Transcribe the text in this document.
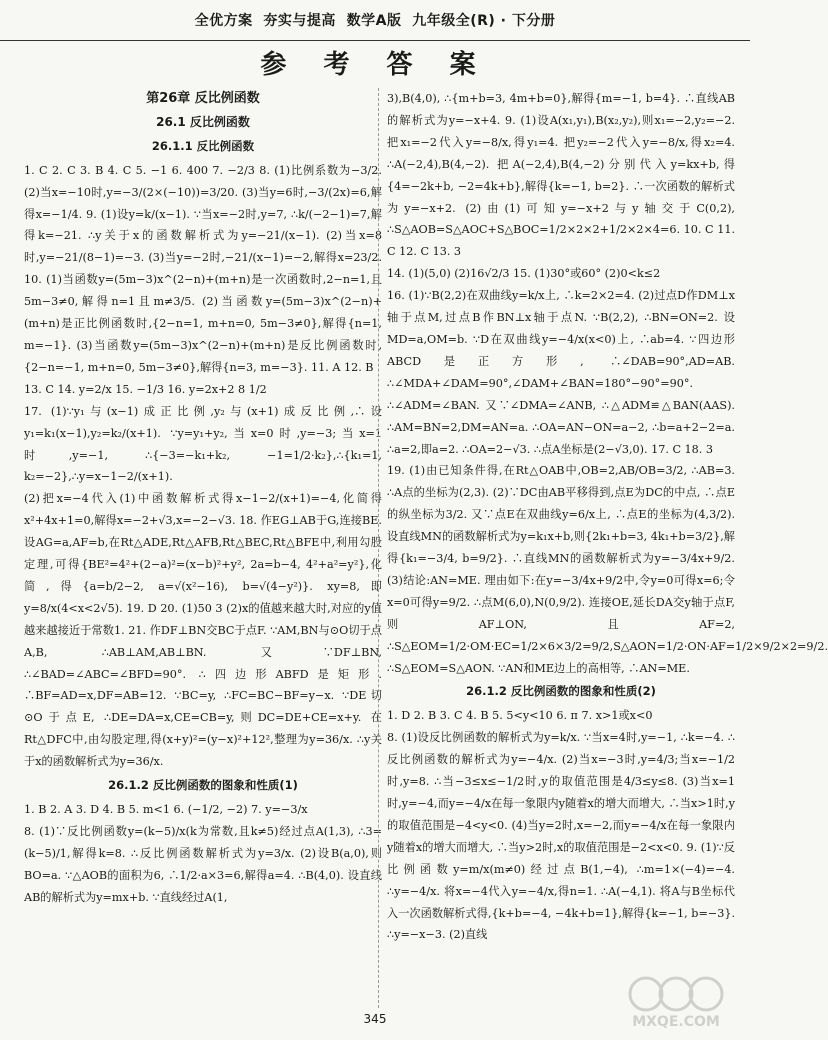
全优方案  夯实与提高  数学A版  九年级全(R) · 下分册
参 考 答 案
第26章 反比例函数
26.1 反比例函数
26.1.1 反比例函数

1. C 2. C 3. B 4. C 5. −1 6. 400 7. −2/3 8. (1)比例系数为−3/2. (2)当x=−10时,y=−3/(2×(−10))=3/20. (3)当y=6时,−3/(2x)=6,解得x=−1/4. 9. (1)设y=k/(x−1). ∵当x=−2时,y=7, ∴k/(−2−1)=7,解得k=−21. ∴y关于x的函数解析式为y=−21/(x−1). (2)当x=8时,y=−21/(8−1)=−3. (3)当y=−2时,−21/(x−1)=−2,解得x=23/2. 10. (1)当函数y=(5m−3)x^(2−n)+(m+n)是一次函数时,2−n=1,且5m−3≠0,解得n=1且m≠3/5. (2)当函数y=(5m−3)x^(2−n)+(m+n)是正比例函数时,{2−n=1, m+n=0, 5m−3≠0},解得{n=1, m=−1}. (3)当函数y=(5m−3)x^(2−n)+(m+n)是反比例函数时,{2−n=−1, m+n=0, 5m−3≠0},解得{n=3, m=−3}. 11. A 12. B

13. C 14. y=2/x 15. −1/3 16. y=2x+2 8 1/2

17. (1)∵y₁与(x−1)成正比例,y₂与(x+1)成反比例,∴设y₁=k₁(x−1),y₂=k₂/(x+1). ∵y=y₁+y₂,当x=0时,y=−3;当x=1时,y=−1, ∴{−3=−k₁+k₂, −1=1/2·k₂},∴{k₁=1, k₂=−2},∴y=x−1−2/(x+1).

(2)把x=−4代入(1)中函数解析式得x−1−2/(x+1)=−4,化简得x²+4x+1=0,解得x=−2+√3,x=−2−√3. 18. 作EG⊥AB于G,连接BE. 设AG=a,AF=b,在Rt△ADE,Rt△AFB,Rt△BEC,Rt△BFE中,利用勾股定理,可得{BE²=4²+(2−a)²=(x−b)²+y², 2a=b−4, 4²+a²=y²},化简,得{a=b/2−2, a=√(x²−16), b=√(4−y²)}. xy=8,即y=8/x(4<x<2√5). 19. D 20. (1)50 3 (2)x的值越来越大时,对应的y值越来越接近于常数1. 21. 作DF⊥BN交BC于点F. ∵AM,BN与⊙O切于点A,B, ∴AB⊥AM,AB⊥BN. 又∵DF⊥BN, ∴∠BAD=∠ABC=∠BFD=90°. ∴四边形ABFD是矩形. ∴BF=AD=x,DF=AB=12. ∵BC=y, ∴FC=BC−BF=y−x. ∵DE切⊙O于点E, ∴DE=DA=x,CE=CB=y,则DC=DE+CE=x+y. 在Rt△DFC中,由勾股定理,得(x+y)²=(y−x)²+12²,整理为y=36/x. ∴y关于x的函数解析式为y=36/x.

26.1.2 反比例函数的图象和性质(1)

1. B 2. A 3. D 4. B 5. m<1 6. (−1/2, −2) 7. y=−3/x

8. (1)∵反比例函数y=(k−5)/x(k为常数,且k≠5)经过点A(1,3), ∴3=(k−5)/1,解得k=8. ∴反比例函数解析式为y=3/x. (2)设B(a,0),则BO=a. ∵△AOB的面积为6, ∴1/2·a×3=6,解得a=4. ∴B(4,0). 设直线AB的解析式为y=mx+b. ∵直线经过A(1,

3),B(4,0), ∴{m+b=3, 4m+b=0},解得{m=−1, b=4}. ∴直线AB的解析式为y=−x+4. 9. (1)设A(x₁,y₁),B(x₂,y₂),则x₁=−2,y₂=−2. 把x₁=−2代入y=−8/x,得y₁=4. 把y₂=−2代入y=−8/x,得x₂=4. ∴A(−2,4),B(4,−2). 把A(−2,4),B(4,−2)分别代入y=kx+b,得{4=−2k+b, −2=4k+b},解得{k=−1, b=2}. ∴一次函数的解析式为y=−x+2. (2)由(1)可知y=−x+2与y轴交于C(0,2), ∴S△AOB=S△AOC+S△BOC=1/2×2×2+1/2×2×4=6. 10. C 11. C 12. C 13. 3

14. (1)(5,0) (2)16√2/3 15. (1)30°或60° (2)0<k≤2

16. (1)∵B(2,2)在双曲线y=k/x上, ∴k=2×2=4. (2)过点D作DM⊥x轴于点M,过点B作BN⊥x轴于点N. ∵B(2,2), ∴BN=ON=2. 设MD=a,OM=b. ∵D在双曲线y=−4/x(x<0)上, ∴ab=4. ∵四边形ABCD是正方形, ∴∠DAB=90°,AD=AB. ∴∠MDA+∠DAM=90°,∠DAM+∠BAN=180°−90°=90°. ∴∠ADM=∠BAN. 又∵∠DMA=∠ANB, ∴△ADM≌△BAN(AAS). ∴AM=BN=2,DM=AN=a. ∴OA=AN−ON=a−2, ∴b=a+2−2=a. ∴a=2,即a=2. ∴OA=2−√3. ∴点A坐标是(2−√3,0). 17. C 18. 3

19. (1)由已知条件得,在Rt△OAB中,OB=2,AB/OB=3/2, ∴AB=3. ∴A点的坐标为(2,3). (2)∵DC由AB平移得到,点E为DC的中点, ∴点E的纵坐标为3/2. 又∵点E在双曲线y=6/x上, ∴点E的坐标为(4,3/2). 设直线MN的函数解析式为y=k₁x+b,则{2k₁+b=3, 4k₁+b=3/2},解得{k₁=−3/4, b=9/2}. ∴直线MN的函数解析式为y=−3/4x+9/2. (3)结论:AN=ME. 理由如下:在y=−3/4x+9/2中,令y=0可得x=6;令x=0可得y=9/2. ∴点M(6,0),N(0,9/2). 连接OE,延长DA交y轴于点F,则AF⊥ON,且AF=2, ∴S△EOM=1/2·OM·EC=1/2×6×3/2=9/2,S△AON=1/2·ON·AF=1/2×9/2×2=9/2. ∴S△EOM=S△AON. ∵AN和ME边上的高相等, ∴AN=ME.

26.1.2 反比例函数的图象和性质(2)

1. D 2. B 3. C 4. B 5. 5<y<10 6. π 7. x>1或x<0

8. (1)设反比例函数的解析式为y=k/x. ∵当x=4时,y=−1, ∴k=−4. ∴反比例函数的解析式为y=−4/x. (2)当x=−3时,y=4/3;当x=−1/2时,y=8. ∴当−3≤x≤−1/2时,y的取值范围是4/3≤y≤8. (3)当x=1时,y=−4,而y=−4/x在每一象限内y随着x的增大而增大, ∴当x>1时,y的取值范围是−4<y<0. (4)当y=2时,x=−2,而y=−4/x在每一象限内y随着x的增大而增大, ∴当y>2时,x的取值范围是−2<x<0. 9. (1)∵反比例函数y=m/x(m≠0)经过点B(1,−4), ∴m=1×(−4)=−4. ∴y=−4/x. 将x=−4代入y=−4/x,得n=1. ∴A(−4,1). 将A与B坐标代入一次函数解析式得,{k+b=−4, −4k+b=1},解得{k=−1, b=−3}. ∴y=−x−3. (2)直线

345	MXQE.COM
